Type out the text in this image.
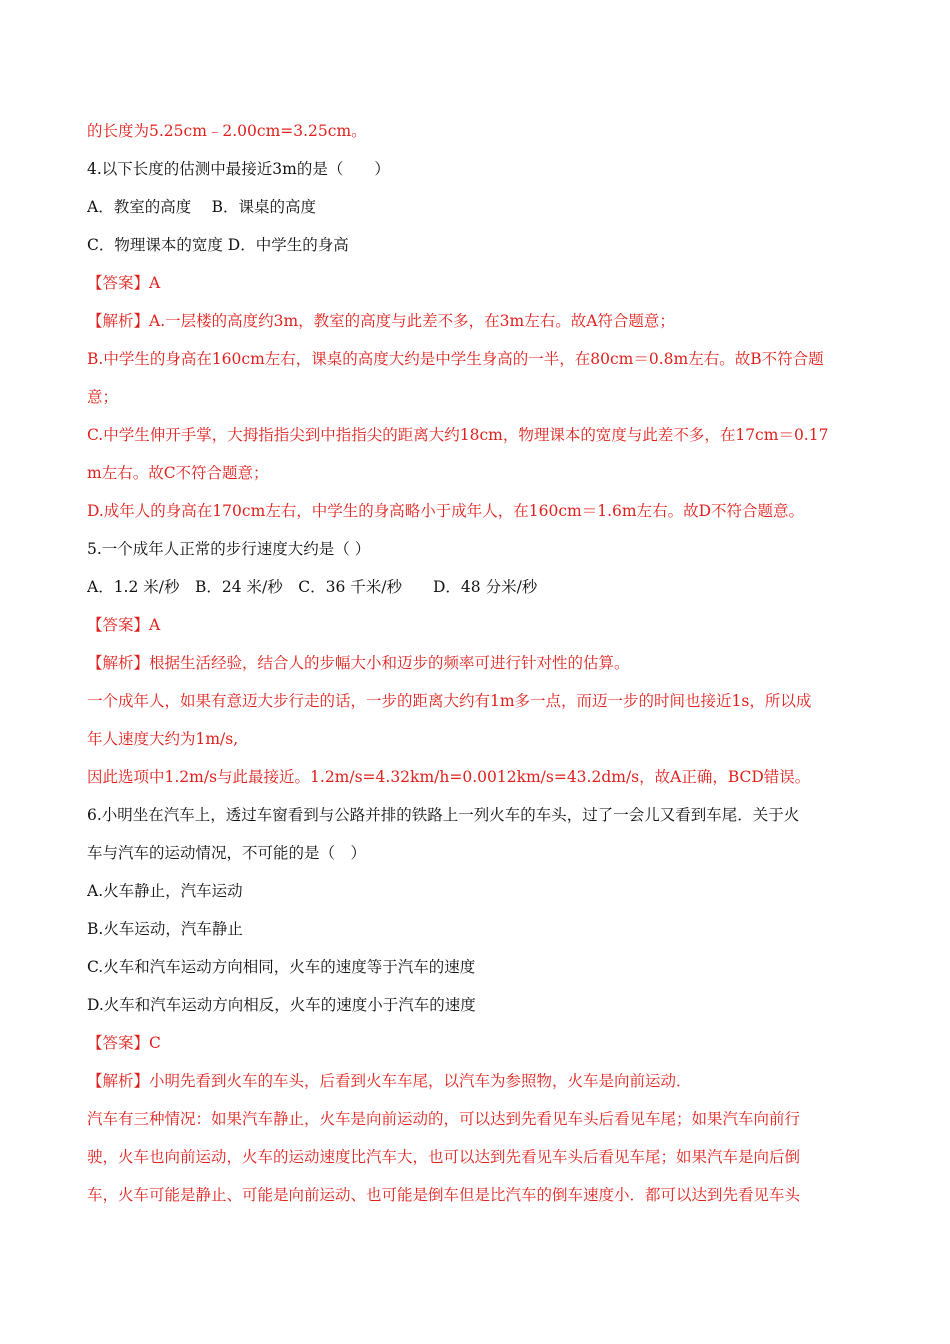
的长度为5.25cm﹣2.00cm=3.25cm。
4.以下长度的估测中最接近3m的是（　　）
A．教室的高度　 B．课桌的高度
C．物理课本的宽度 D．中学生的身高
【答案】A
【解析】A.一层楼的高度约3m，教室的高度与此差不多，在3m左右。故A符合题意；
B.中学生的身高在160cm左右，课桌的高度大约是中学生身高的一半，在80cm＝0.8m左右。故B不符合题
意；
C.中学生伸开手掌，大拇指指尖到中指指尖的距离大约18cm，物理课本的宽度与此差不多，在17cm＝0.17
m左右。故C不符合题意；
D.成年人的身高在170cm左右，中学生的身高略小于成年人，在160cm＝1.6m左右。故D不符合题意。
5.一个成年人正常的步行速度大约是（ ）
A．1.2 米/秒　B．24 米/秒　C．36 千米/秒　　D．48 分米/秒
【答案】A
【解析】根据生活经验，结合人的步幅大小和迈步的频率可进行针对性的估算。
一个成年人，如果有意迈大步行走的话，一步的距离大约有1m多一点，而迈一步的时间也接近1s，所以成
年人速度大约为1m/s,
因此选项中1.2m/s与此最接近。1.2m/s=4.32km/h=0.0012km/s=43.2dm/s，故A正确，BCD错误。
6.小明坐在汽车上，透过车窗看到与公路并排的铁路上一列火车的车头，过了一会儿又看到车尾．关于火
车与汽车的运动情况，不可能的是（　）
A.火车静止，汽车运动
B.火车运动，汽车静止
C.火车和汽车运动方向相同，火车的速度等于汽车的速度
D.火车和汽车运动方向相反，火车的速度小于汽车的速度
【答案】C
【解析】小明先看到火车的车头，后看到火车车尾，以汽车为参照物，火车是向前运动．
汽车有三种情况：如果汽车静止，火车是向前运动的，可以达到先看见车头后看见车尾；如果汽车向前行
驶，火车也向前运动，火车的运动速度比汽车大，也可以达到先看见车头后看见车尾；如果汽车是向后倒
车，火车可能是静止、可能是向前运动、也可能是倒车但是比汽车的倒车速度小．都可以达到先看见车头
